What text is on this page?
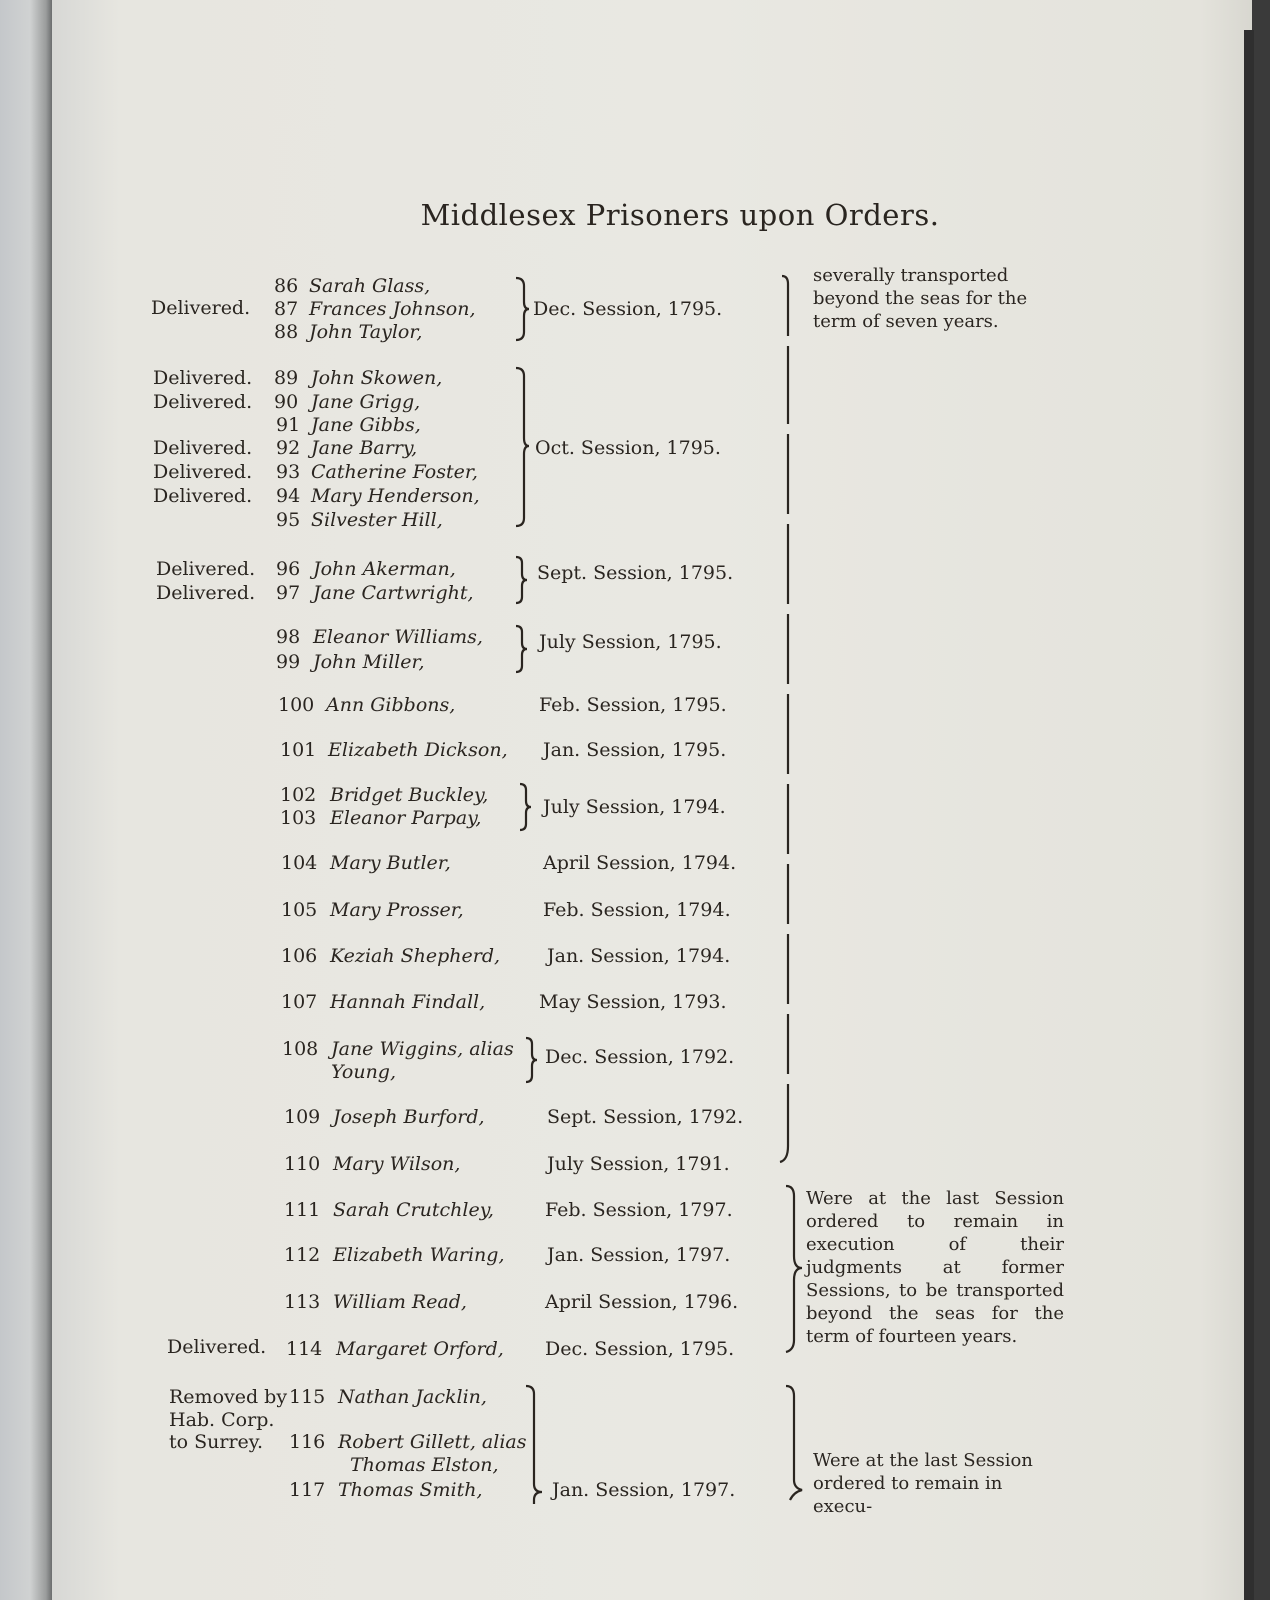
Middlesex Prisoners upon Orders.
Delivered.
Delivered.
Delivered.
Delivered.
Delivered.
Delivered.
Delivered.
Delivered.
Delivered.
Removed by
Hab. Corp.
to Surrey.
86
87
88
89
90
91
92
93
94
95
96
97
98
99
100
101
102
103
104
105
106
107
108
109
110
111
112
113
114
115
116
117
Sarah Glass,
Frances Johnson,
John Taylor,
John Skowen,
Jane Grigg,
Jane Gibbs,
Jane Barry,
Catherine Foster,
Mary Henderson,
Silvester Hill,
John Akerman,
Jane Cartwright,
Eleanor Williams,
John Miller,
Ann Gibbons,
Elizabeth Dickson,
Bridget Buckley,
Eleanor Parpay,
Mary Butler,
Mary Prosser,
Keziah Shepherd,
Hannah Findall,
Jane Wiggins, alias
Young,
Joseph Burford,
Mary Wilson,
Sarah Crutchley,
Elizabeth Waring,
William Read,
Margaret Orford,
Nathan Jacklin,
Robert Gillett, alias
Thomas Elston,
Thomas Smith,
Dec. Session, 1795.
Oct. Session, 1795.
Sept. Session, 1795.
July Session, 1795.
Feb. Session, 1795.
Jan. Session, 1795.
July Session, 1794.
April Session, 1794.
Feb. Session, 1794.
Jan. Session, 1794.
May Session, 1793.
Dec. Session, 1792.
Sept. Session, 1792.
July Session, 1791.
Feb. Session, 1797.
Jan. Session, 1797.
April Session, 1796.
Dec. Session, 1795.
Jan. Session, 1797.
severally transported beyond the seas for the term of seven years.
Were at the last Session ordered to remain in execution of their judgments at former Sessions, to be transported beyond the seas for the term of fourteen years.
Were at the last Session ordered to remain in execu-
